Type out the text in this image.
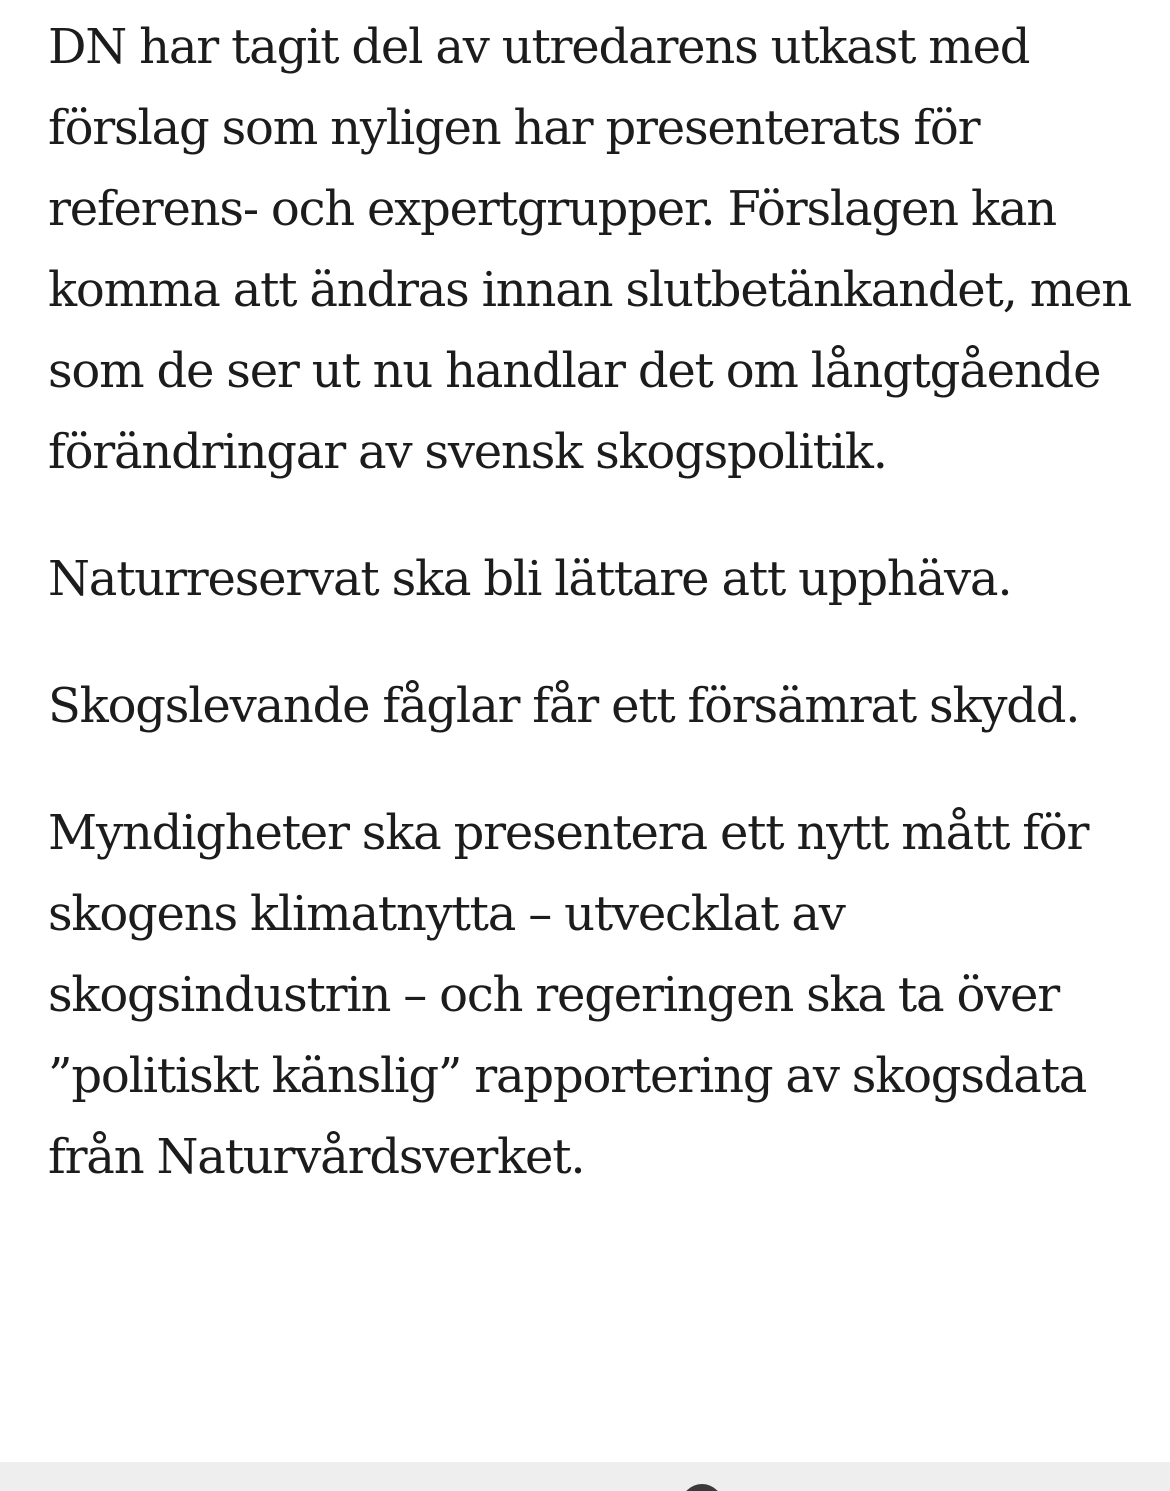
DN har tagit del av utredarens utkast med förslag som nyligen har presenterats för referens- och expertgrupper. Förslagen kan komma att ändras innan slutbetänkandet, men som de ser ut nu handlar det om långtgående förändringar av svensk skogspolitik.

Naturreservat ska bli lättare att upphäva.

Skogslevande fåglar får ett försämrat skydd.

Myndigheter ska presentera ett nytt mått för skogens klimatnytta – utvecklat av skogsindustrin – och regeringen ska ta över ”politiskt känslig” rapportering av skogsdata från Naturvårdsverket.
